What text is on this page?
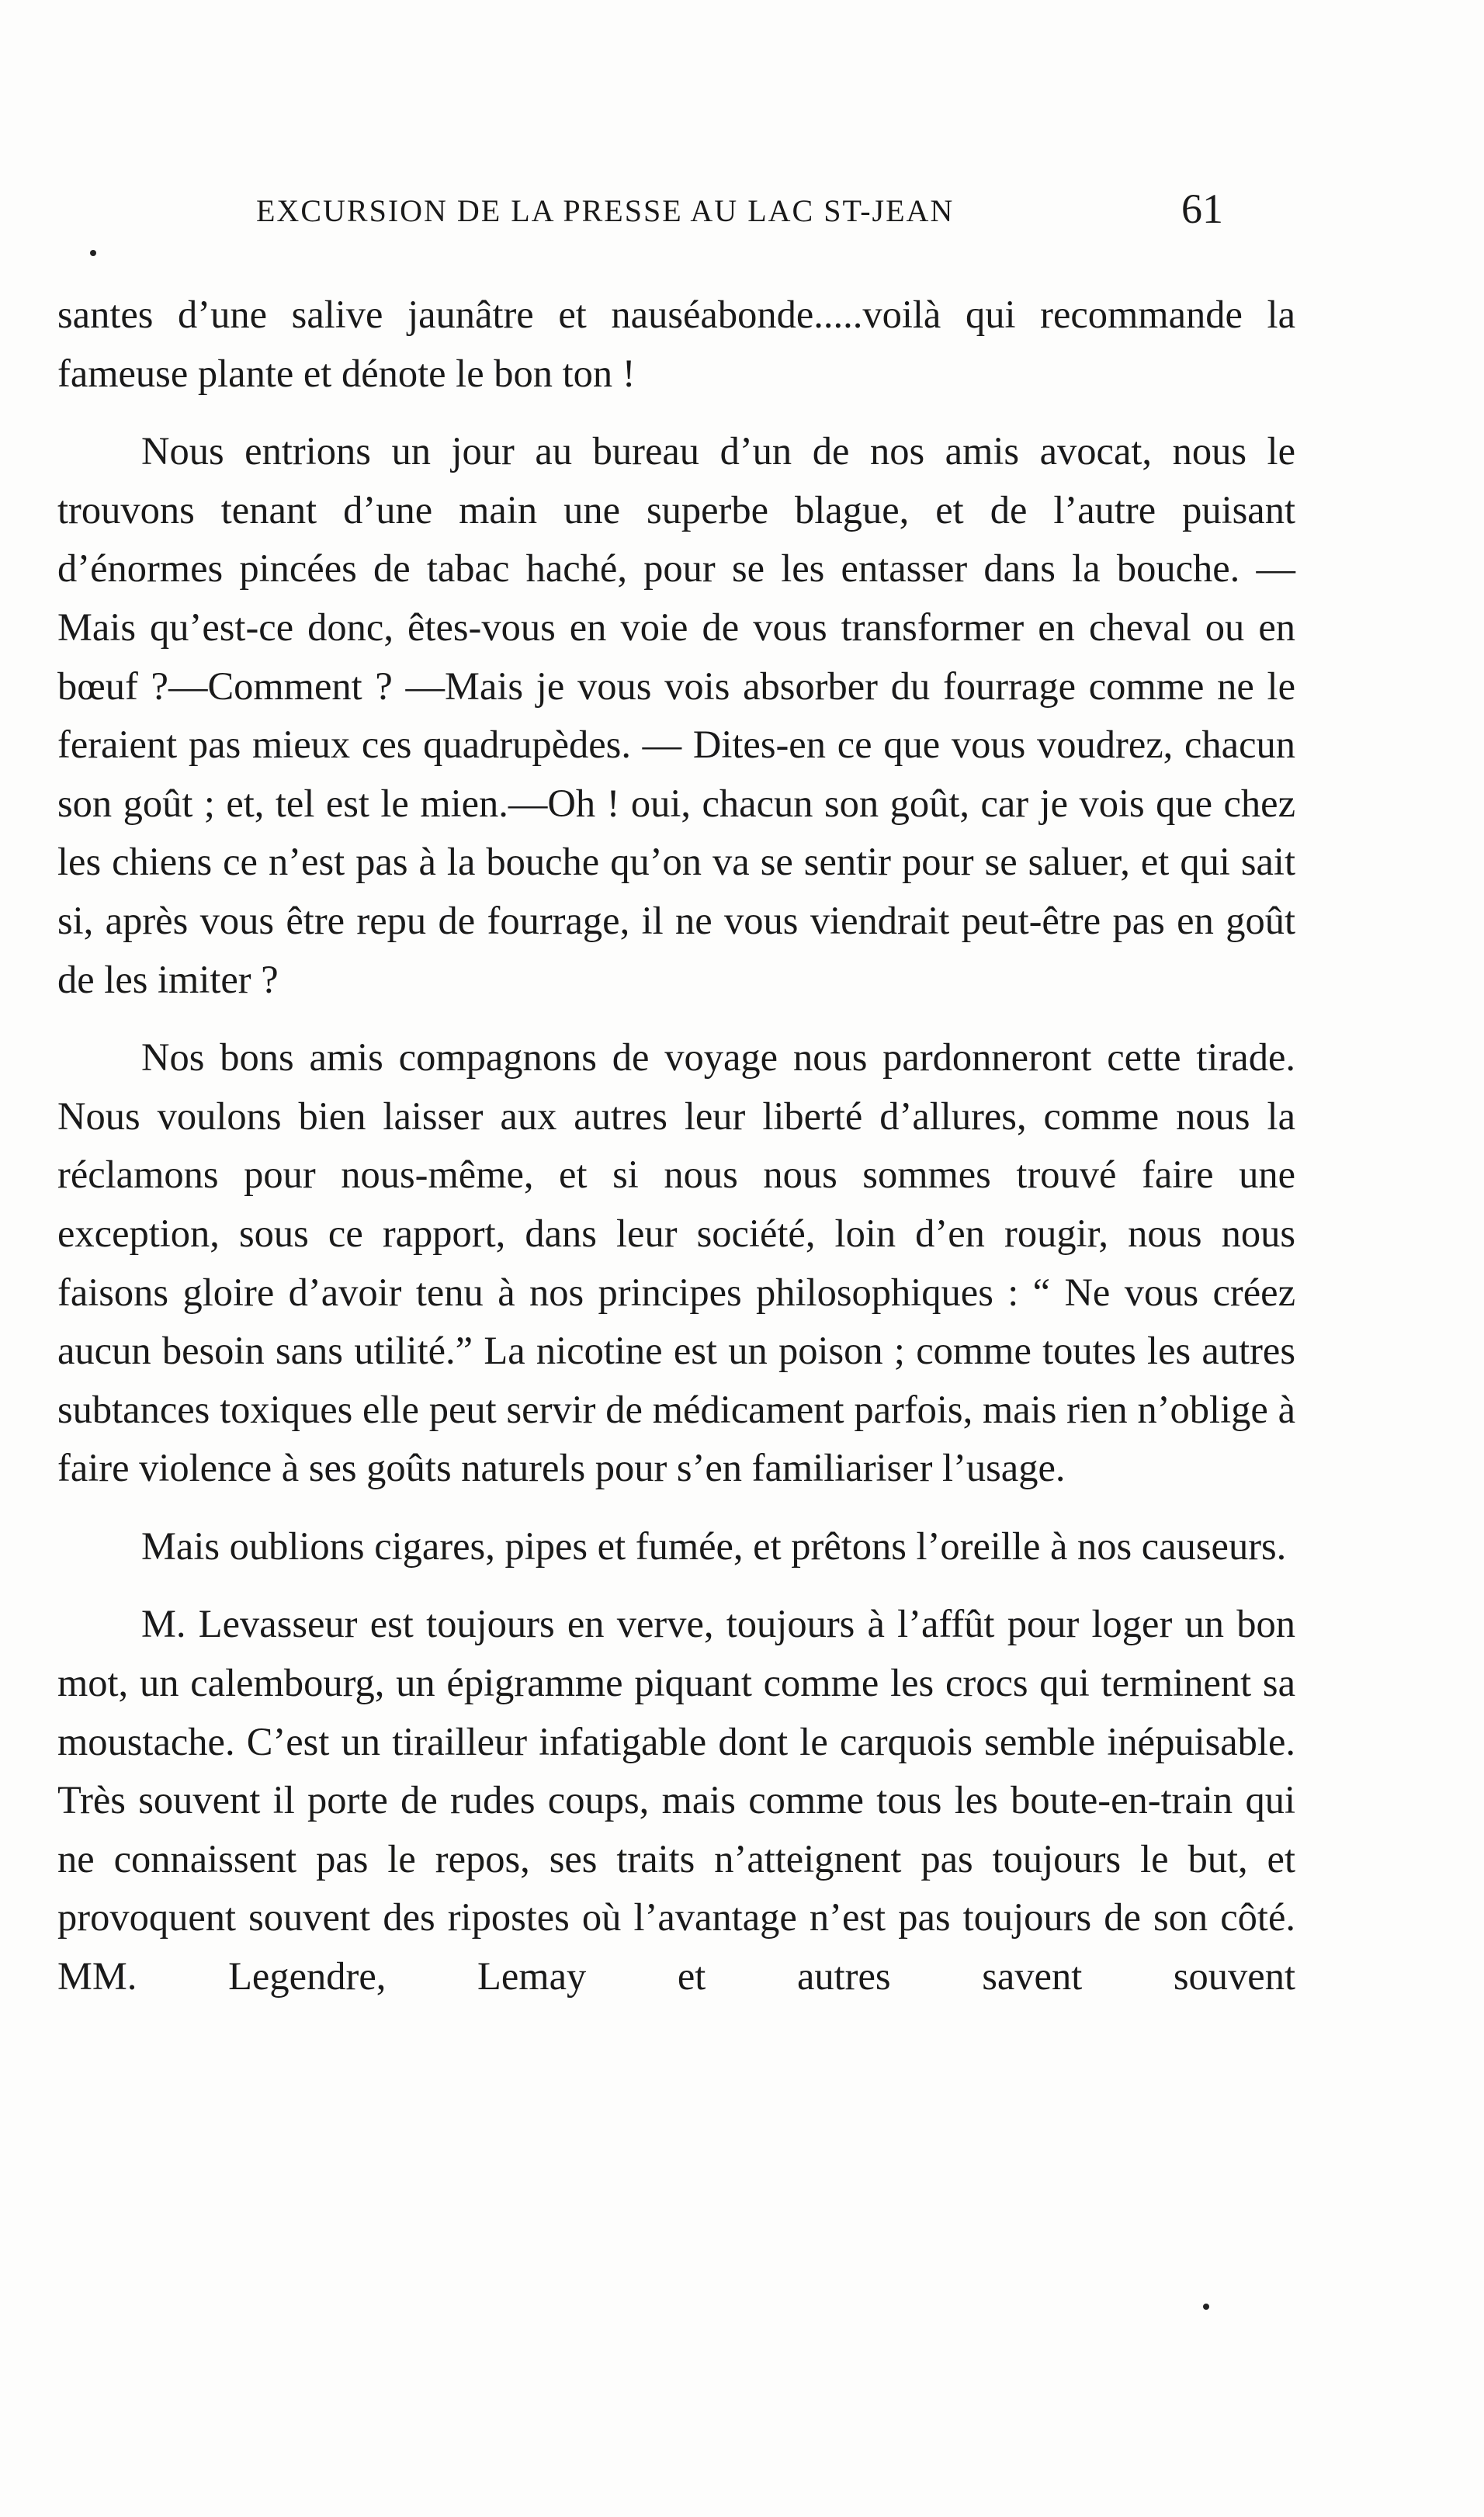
EXCURSION DE LA PRESSE AU LAC ST-JEAN	61

santes d’une salive jaunâtre et nauséabonde.....voilà qui recommande la fameuse plante et dénote le bon ton !

Nous entrions un jour au bureau d’un de nos amis avocat, nous le trouvons tenant d’une main une superbe blague, et de l’autre puisant d’énormes pincées de tabac haché, pour se les entasser dans la bouche. — Mais qu’est-ce donc, êtes-vous en voie de vous transformer en cheval ou en bœuf ?—Comment ? —Mais je vous vois absorber du fourrage comme ne le feraient pas mieux ces quadrupèdes. — Dites-en ce que vous voudrez, chacun son goût ; et, tel est le mien.—Oh ! oui, chacun son goût, car je vois que chez les chiens ce n’est pas à la bouche qu’on va se sentir pour se saluer, et qui sait si, après vous être repu de fourrage, il ne vous viendrait peut-être pas en goût de les imiter ?

Nos bons amis compagnons de voyage nous pardonneront cette tirade. Nous voulons bien laisser aux autres leur liberté d’allures, comme nous la réclamons pour nous-même, et si nous nous sommes trouvé faire une exception, sous ce rapport, dans leur société, loin d’en rougir, nous nous faisons gloire d’avoir tenu à nos principes philosophiques : “ Ne vous créez aucun besoin sans utilité.” La nicotine est un poison ; comme toutes les autres subtances toxiques elle peut servir de médicament parfois, mais rien n’oblige à faire violence à ses goûts naturels pour s’en familiariser l’usage.

Mais oublions cigares, pipes et fumée, et prêtons l’oreille à nos causeurs.

M. Levasseur est toujours en verve, toujours à l’affût pour loger un bon mot, un calembourg, un épigramme piquant comme les crocs qui terminent sa moustache. C’est un tirailleur infatigable dont le carquois semble inépuisable. Très souvent il porte de rudes coups, mais comme tous les boute-en-train qui ne connaissent pas le repos, ses traits n’atteignent pas toujours le but, et provoquent souvent des ripostes où l’avantage n’est pas toujours de son côté. MM. Legendre, Lemay et autres savent souvent
